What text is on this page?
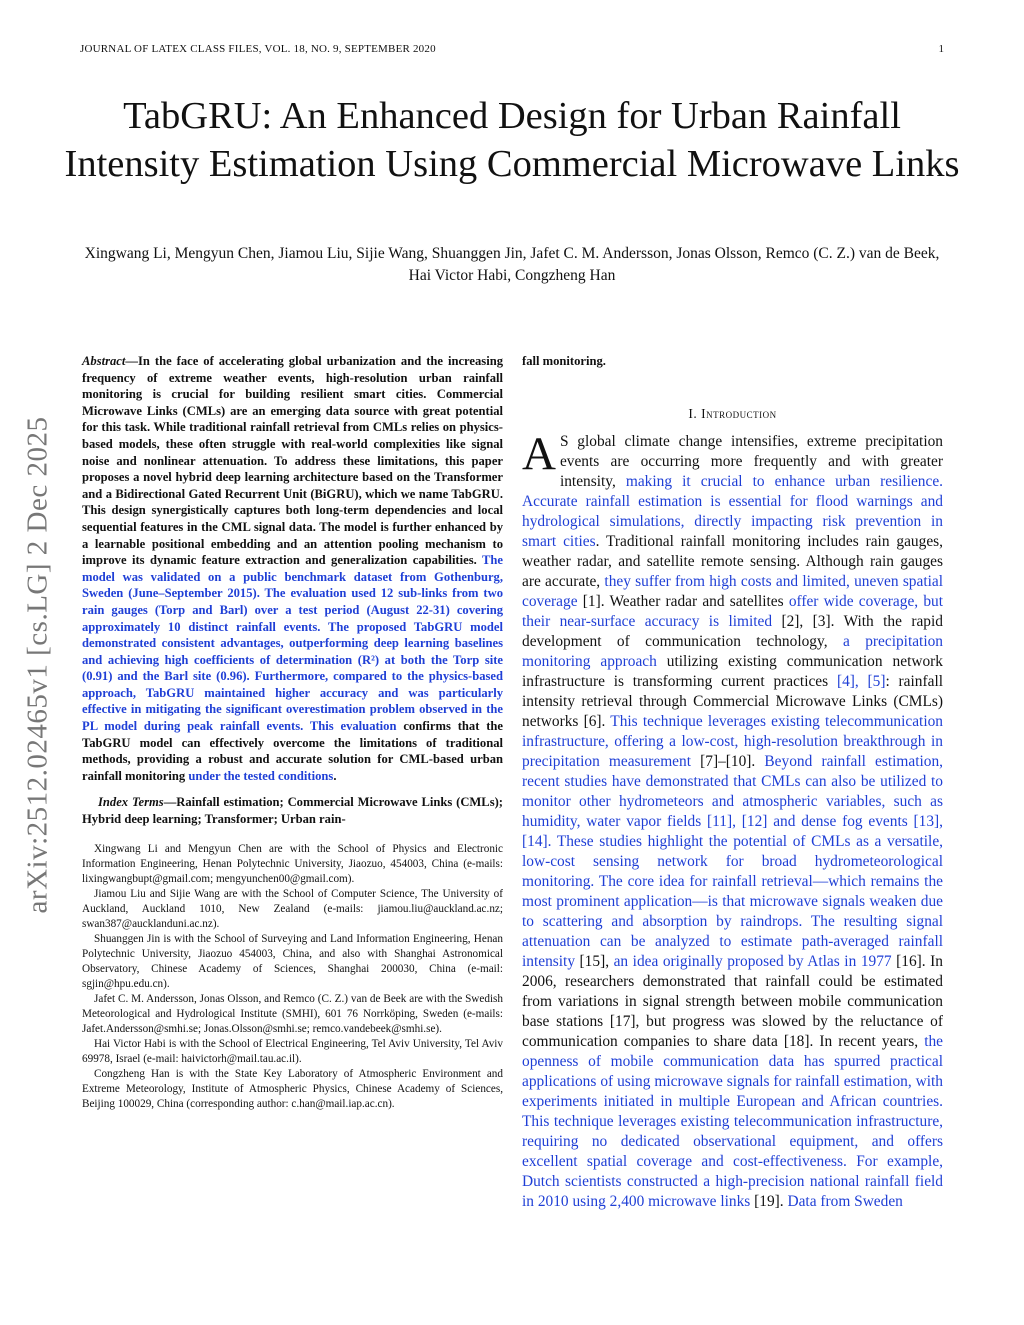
JOURNAL OF LATEX CLASS FILES, VOL. 18, NO. 9, SEPTEMBER 2020	1
arXiv:2512.02465v1 [cs.LG] 2 Dec 2025
TabGRU: An Enhanced Design for Urban Rainfall Intensity Estimation Using Commercial Microwave Links
Xingwang Li, Mengyun Chen, Jiamou Liu, Sijie Wang, Shuanggen Jin, Jafet C. M. Andersson, Jonas Olsson, Remco (C. Z.) van de Beek, Hai Victor Habi, Congzheng Han

Abstract—In the face of accelerating global urbanization and the increasing frequency of extreme weather events, high-resolution urban rainfall monitoring is crucial for building resilient smart cities. Commercial Microwave Links (CMLs) are an emerging data source with great potential for this task. While traditional rainfall retrieval from CMLs relies on physics-based models, these often struggle with real-world complexities like signal noise and nonlinear attenuation. To address these limitations, this paper proposes a novel hybrid deep learning architecture based on the Transformer and a Bidirectional Gated Recurrent Unit (BiGRU), which we name TabGRU. This design synergistically captures both long-term dependencies and local sequential features in the CML signal data. The model is further enhanced by a learnable positional embedding and an attention pooling mechanism to improve its dynamic feature extraction and generalization capabilities. The model was validated on a public benchmark dataset from Gothenburg, Sweden (June–September 2015). The evaluation used 12 sub-links from two rain gauges (Torp and Barl) over a test period (August 22-31) covering approximately 10 distinct rainfall events. The proposed TabGRU model demonstrated consistent advantages, outperforming deep learning baselines and achieving high coefficients of determination (R²) at both the Torp site (0.91) and the Barl site (0.96). Furthermore, compared to the physics-based approach, TabGRU maintained higher accuracy and was particularly effective in mitigating the significant overestimation problem observed in the PL model during peak rainfall events. This evaluation confirms that the TabGRU model can effectively overcome the limitations of traditional methods, providing a robust and accurate solution for CML-based urban rainfall monitoring under the tested conditions.

Index Terms—Rainfall estimation; Commercial Microwave Links (CMLs); Hybrid deep learning; Transformer; Urban rain-

Xingwang Li and Mengyun Chen are with the School of Physics and Electronic Information Engineering, Henan Polytechnic University, Jiaozuo, 454003, China (e-mails: lixingwangbupt@gmail.com; mengyunchen00@gmail.com).

Jiamou Liu and Sijie Wang are with the School of Computer Science, The University of Auckland, Auckland 1010, New Zealand (e-mails: jiamou.liu@auckland.ac.nz; swan387@aucklanduni.ac.nz).

Shuanggen Jin is with the School of Surveying and Land Information Engineering, Henan Polytechnic University, Jiaozuo 454003, China, and also with Shanghai Astronomical Observatory, Chinese Academy of Sciences, Shanghai 200030, China (e-mail: sgjin@hpu.edu.cn).

Jafet C. M. Andersson, Jonas Olsson, and Remco (C. Z.) van de Beek are with the Swedish Meteorological and Hydrological Institute (SMHI), 601 76 Norrköping, Sweden (e-mails: Jafet.Andersson@smhi.se; Jonas.Olsson@smhi.se; remco.vandebeek@smhi.se).

Hai Victor Habi is with the School of Electrical Engineering, Tel Aviv University, Tel Aviv 69978, Israel (e-mail: haivictorh@mail.tau.ac.il).

Congzheng Han is with the State Key Laboratory of Atmospheric Environment and Extreme Meteorology, Institute of Atmospheric Physics, Chinese Academy of Sciences, Beijing 100029, China (corresponding author: c.han@mail.iap.ac.cn).

fall monitoring.

I. Introduction

A S global climate change intensifies, extreme precipitation events are occurring more frequently and with greater intensity, making it crucial to enhance urban resilience. Accurate rainfall estimation is essential for flood warnings and hydrological simulations, directly impacting risk prevention in smart cities. Traditional rainfall monitoring includes rain gauges, weather radar, and satellite remote sensing. Although rain gauges are accurate, they suffer from high costs and limited, uneven spatial coverage [1]. Weather radar and satellites offer wide coverage, but their near-surface accuracy is limited [2], [3]. With the rapid development of communication technology, a precipitation monitoring approach utilizing existing communication network infrastructure is transforming current practices [4], [5]: rainfall intensity retrieval through Commercial Microwave Links (CMLs) networks [6]. This technique leverages existing telecommunication infrastructure, offering a low-cost, high-resolution breakthrough in precipitation measurement [7]–[10]. Beyond rainfall estimation, recent studies have demonstrated that CMLs can also be utilized to monitor other hydrometeors and atmospheric variables, such as humidity, water vapor fields [11], [12] and dense fog events [13], [14]. These studies highlight the potential of CMLs as a versatile, low-cost sensing network for broad hydrometeorological monitoring. The core idea for rainfall retrieval—which remains the most prominent application—is that microwave signals weaken due to scattering and absorption by raindrops. The resulting signal attenuation can be analyzed to estimate path-averaged rainfall intensity [15], an idea originally proposed by Atlas in 1977 [16]. In 2006, researchers demonstrated that rainfall could be estimated from variations in signal strength between mobile communication base stations [17], but progress was slowed by the reluctance of communication companies to share data [18]. In recent years, the openness of mobile communication data has spurred practical applications of using microwave signals for rainfall estimation, with experiments initiated in multiple European and African countries. This technique leverages existing telecommunication infrastructure, requiring no dedicated observational equipment, and offers excellent spatial coverage and cost-effectiveness. For example, Dutch scientists constructed a high-precision national rainfall field in 2010 using 2,400 microwave links [19]. Data from Sweden
